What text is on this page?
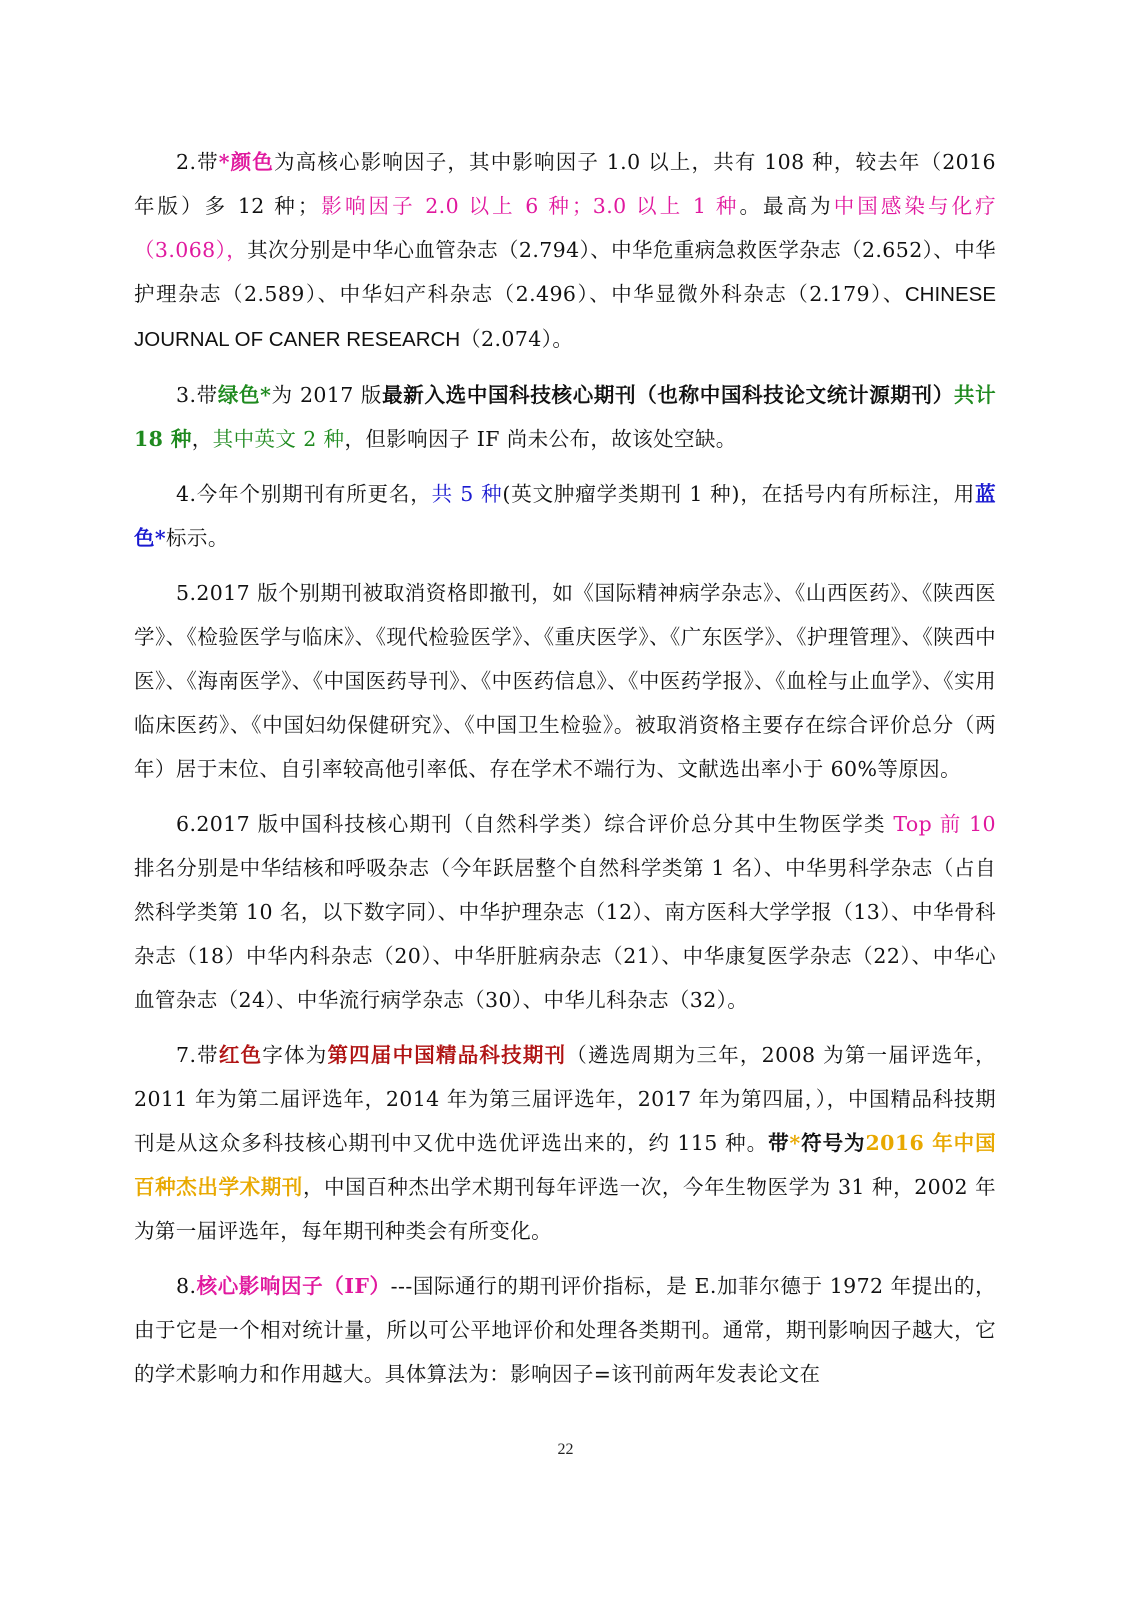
2.带*颜色为高核心影响因子，其中影响因子 1.0 以上，共有 108 种，较去年（2016 年版）多 12 种；影响因子 2.0 以上 6 种；3.0 以上 1 种。最高为中国感染与化疗（3.068），其次分别是中华心血管杂志（2.794）、中华危重病急救医学杂志（2.652）、中华护理杂志（2.589）、中华妇产科杂志（2.496）、中华显微外科杂志（2.179）、CHINESE JOURNAL OF CANER RESEARCH（2.074）。

3.带绿色*为 2017 版最新入选中国科技核心期刊（也称中国科技论文统计源期刊）共计 18 种，其中英文 2 种，但影响因子 IF 尚未公布，故该处空缺。

4.今年个别期刊有所更名，共 5 种(英文肿瘤学类期刊 1 种)，在括号内有所标注，用蓝色*标示。

5.2017 版个别期刊被取消资格即撤刊，如《国际精神病学杂志》、《山西医药》、《陕西医学》、《检验医学与临床》、《现代检验医学》、《重庆医学》、《广东医学》、《护理管理》、《陕西中医》、《海南医学》、《中国医药导刊》、《中医药信息》、《中医药学报》、《血栓与止血学》、《实用临床医药》、《中国妇幼保健研究》、《中国卫生检验》。被取消资格主要存在综合评价总分（两年）居于末位、自引率较高他引率低、存在学术不端行为、文献选出率小于 60%等原因。

6.2017 版中国科技核心期刊（自然科学类）综合评价总分其中生物医学类 Top 前 10 排名分别是中华结核和呼吸杂志（今年跃居整个自然科学类第 1 名）、中华男科学杂志（占自然科学类第 10 名，以下数字同）、中华护理杂志（12）、南方医科大学学报（13）、中华骨科杂志（18）中华内科杂志（20）、中华肝脏病杂志（21）、中华康复医学杂志（22）、中华心血管杂志（24）、中华流行病学杂志（30）、中华儿科杂志（32）。

7.带红色字体为第四届中国精品科技期刊（遴选周期为三年，2008 为第一届评选年，2011 年为第二届评选年，2014 年为第三届评选年，2017 年为第四届，），中国精品科技期刊是从这众多科技核心期刊中又优中选优评选出来的，约 115 种。带*符号为2016 年中国百种杰出学术期刊，中国百种杰出学术期刊每年评选一次，今年生物医学为 31 种，2002 年为第一届评选年，每年期刊种类会有所变化。

8.核心影响因子（IF）---国际通行的期刊评价指标，是 E.加菲尔德于 1972 年提出的，由于它是一个相对统计量，所以可公平地评价和处理各类期刊。通常，期刊影响因子越大，它的学术影响力和作用越大。具体算法为：影响因子=该刊前两年发表论文在

22
